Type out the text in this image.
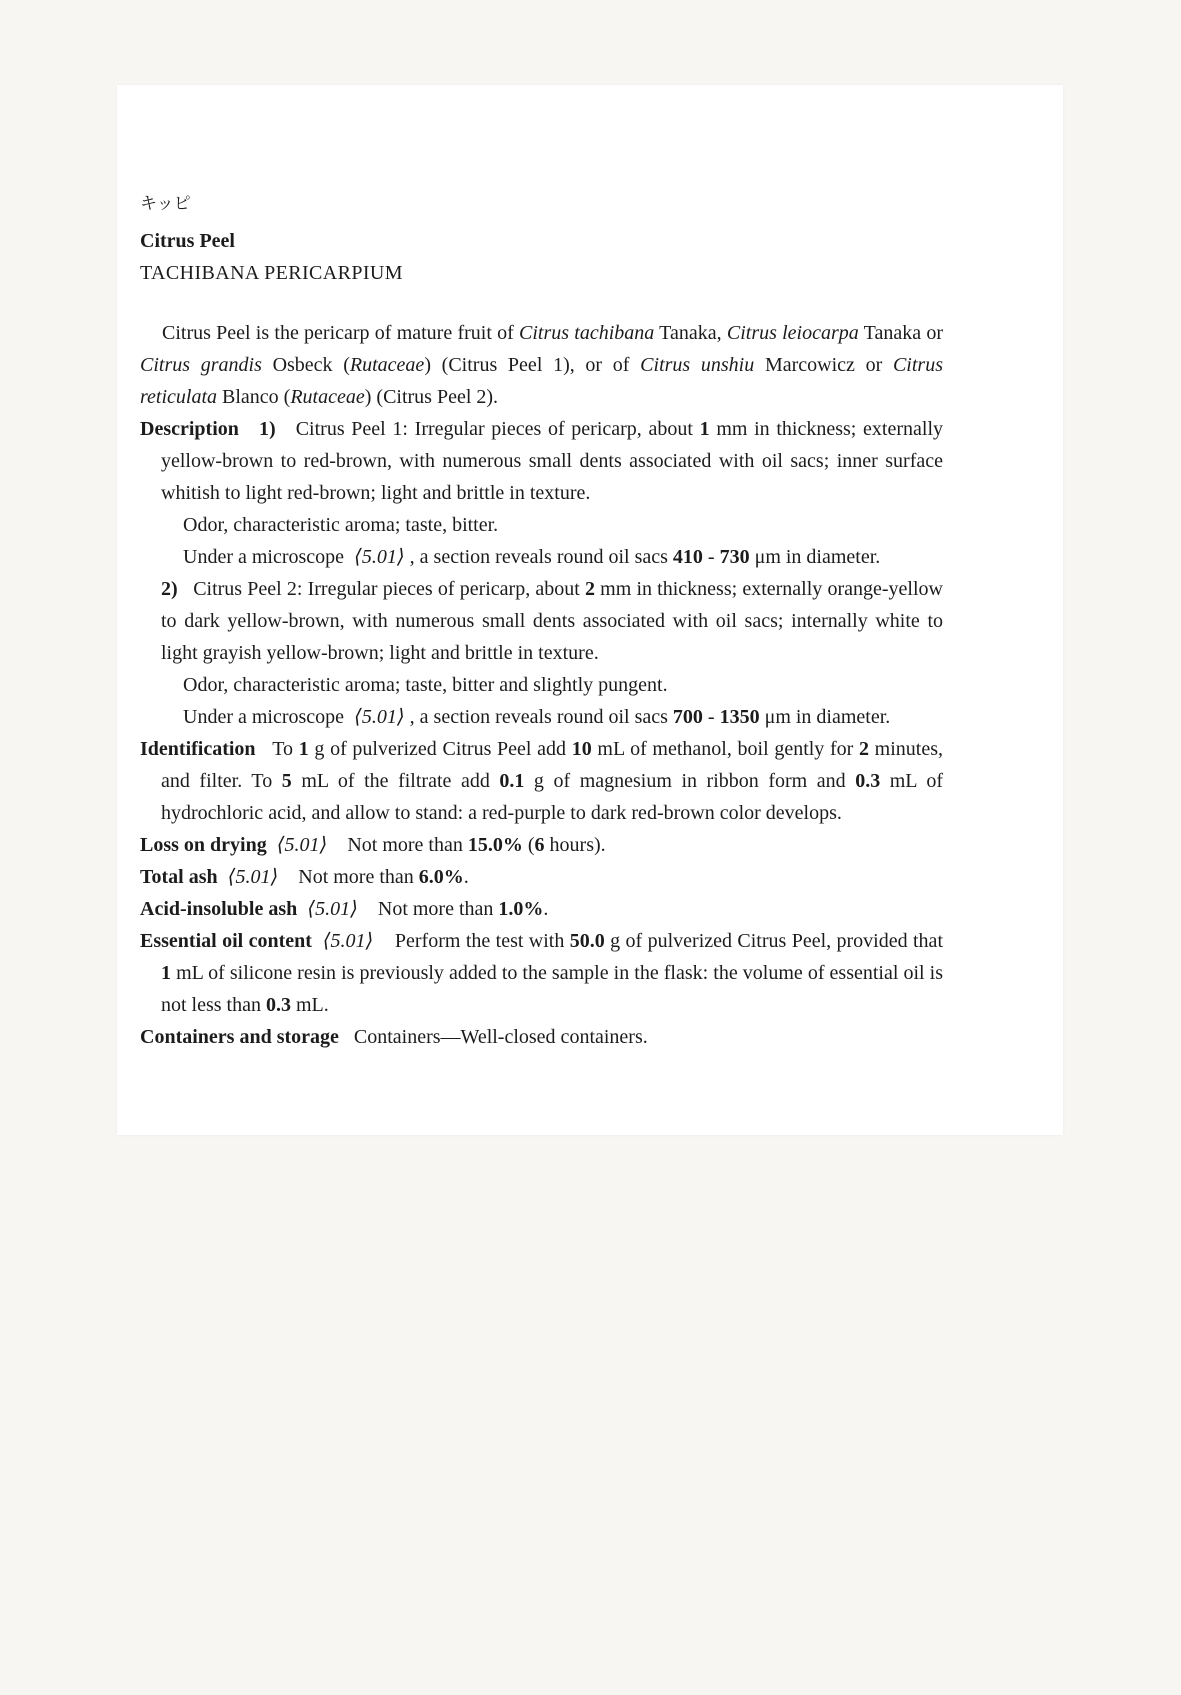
キッピ

Citrus Peel

TACHIBANA PERICARPIUM

Citrus Peel is the pericarp of mature fruit of Citrus tachibana Tanaka, Citrus leiocarpa Tanaka or Citrus grandis Osbeck (Rutaceae) (Citrus Peel 1), or of Citrus unshiu Marcowicz or Citrus reticulata Blanco (Rutaceae) (Citrus Peel 2).

Description 1)   Citrus Peel 1: Irregular pieces of pericarp, about 1 mm in thickness; externally yellow-brown to red-brown, with numerous small dents associated with oil sacs; inner surface whitish to light red-brown; light and brittle in texture.

Odor, characteristic aroma; taste, bitter.

Under a microscope  ⟨5.01⟩ , a section reveals round oil sacs 410 - 730 μm in diameter.

2)   Citrus Peel 2: Irregular pieces of pericarp, about 2 mm in thickness; externally orange-yellow to dark yellow-brown, with numerous small dents associated with oil sacs; internally white to light grayish yellow-brown; light and brittle in texture.

Odor, characteristic aroma; taste, bitter and slightly pungent.

Under a microscope  ⟨5.01⟩ , a section reveals round oil sacs 700 - 1350 μm in diameter.

Identification   To 1 g of pulverized Citrus Peel add 10 mL of methanol, boil gently for 2 minutes, and filter. To 5 mL of the filtrate add 0.1 g of magnesium in ribbon form and 0.3 mL of hydrochloric acid, and allow to stand: a red-purple to dark red-brown color develops.

Loss on drying ⟨5.01⟩    Not more than 15.0% (6 hours).

Total ash ⟨5.01⟩    Not more than 6.0%.

Acid-insoluble ash ⟨5.01⟩    Not more than 1.0%.

Essential oil content ⟨5.01⟩    Perform the test with 50.0 g of pulverized Citrus Peel, provided that 1 mL of silicone resin is previously added to the sample in the flask: the volume of essential oil is not less than 0.3 mL.

Containers and storage   Containers—Well-closed containers.
